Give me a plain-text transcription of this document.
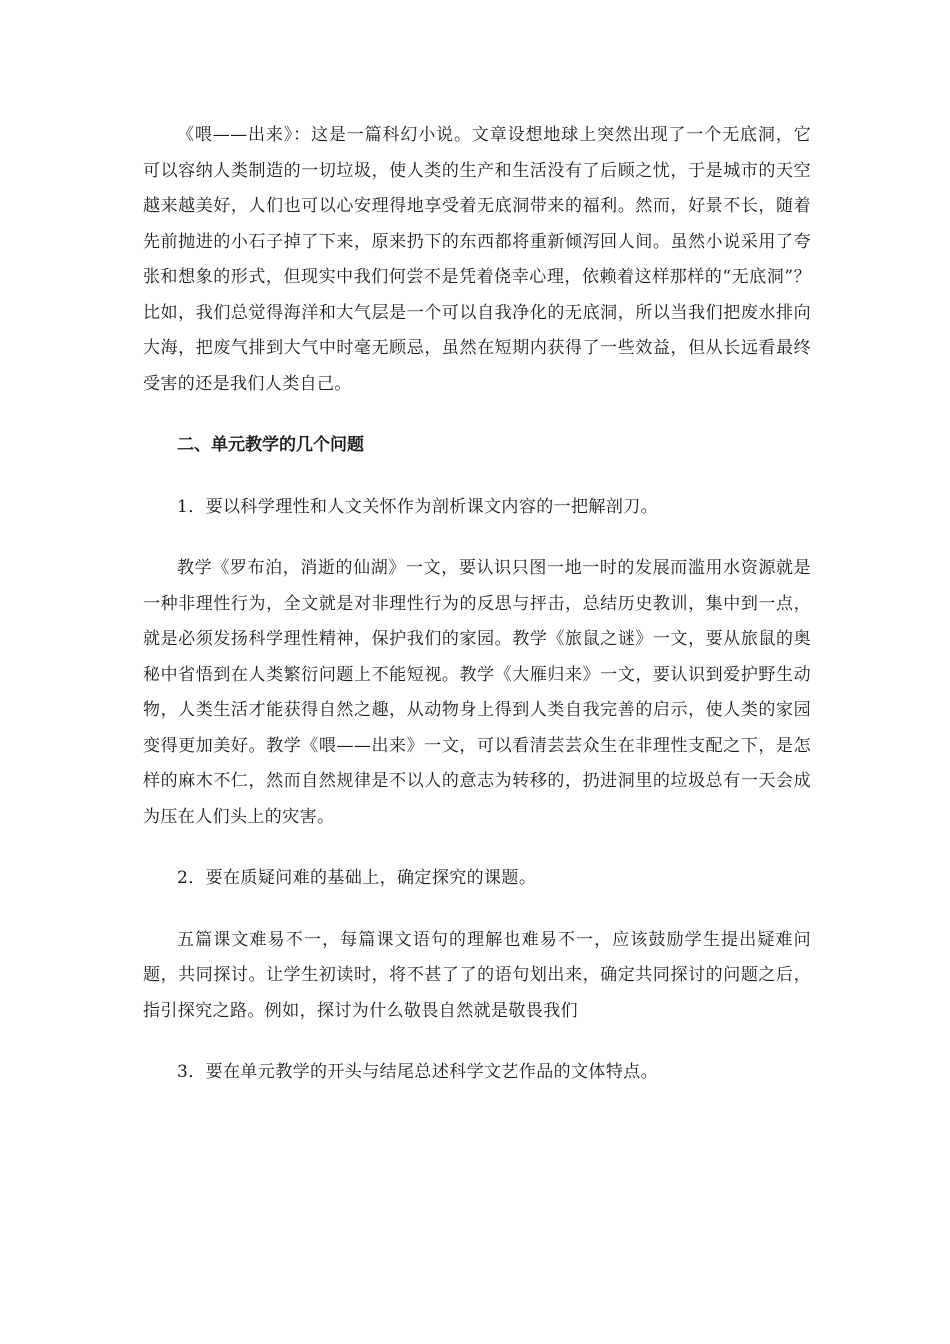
《喂——出来》：这是一篇科幻小说。文章设想地球上突然出现了一个无底洞，它可以容纳人类制造的一切垃圾，使人类的生产和生活没有了后顾之忧，于是城市的天空越来越美好，人们也可以心安理得地享受着无底洞带来的福利。然而，好景不长，随着先前抛进的小石子掉了下来，原来扔下的东西都将重新倾泻回人间。虽然小说采用了夸张和想象的形式，但现实中我们何尝不是凭着侥幸心理，依赖着这样那样的“无底洞”？比如，我们总觉得海洋和大气层是一个可以自我净化的无底洞，所以当我们把废水排向大海，把废气排到大气中时毫无顾忌，虽然在短期内获得了一些效益，但从长远看最终受害的还是我们人类自己。

二、单元教学的几个问题

1．要以科学理性和人文关怀作为剖析课文内容的一把解剖刀。

教学《罗布泊，消逝的仙湖》一文，要认识只图一地一时的发展而滥用水资源就是一种非理性行为，全文就是对非理性行为的反思与抨击，总结历史教训，集中到一点，就是必须发扬科学理性精神，保护我们的家园。教学《旅鼠之谜》一文，要从旅鼠的奥秘中省悟到在人类繁衍问题上不能短视。教学《大雁归来》一文，要认识到爱护野生动物，人类生活才能获得自然之趣，从动物身上得到人类自我完善的启示，使人类的家园变得更加美好。教学《喂——出来》一文，可以看清芸芸众生在非理性支配之下，是怎样的麻木不仁，然而自然规律是不以人的意志为转移的，扔进洞里的垃圾总有一天会成为压在人们头上的灾害。

2．要在质疑问难的基础上，确定探究的课题。

五篇课文难易不一，每篇课文语句的理解也难易不一，应该鼓励学生提出疑难问题，共同探讨。让学生初读时，将不甚了了的语句划出来，确定共同探讨的问题之后，指引探究之路。例如，探讨为什么敬畏自然就是敬畏我们

3．要在单元教学的开头与结尾总述科学文艺作品的文体特点。
